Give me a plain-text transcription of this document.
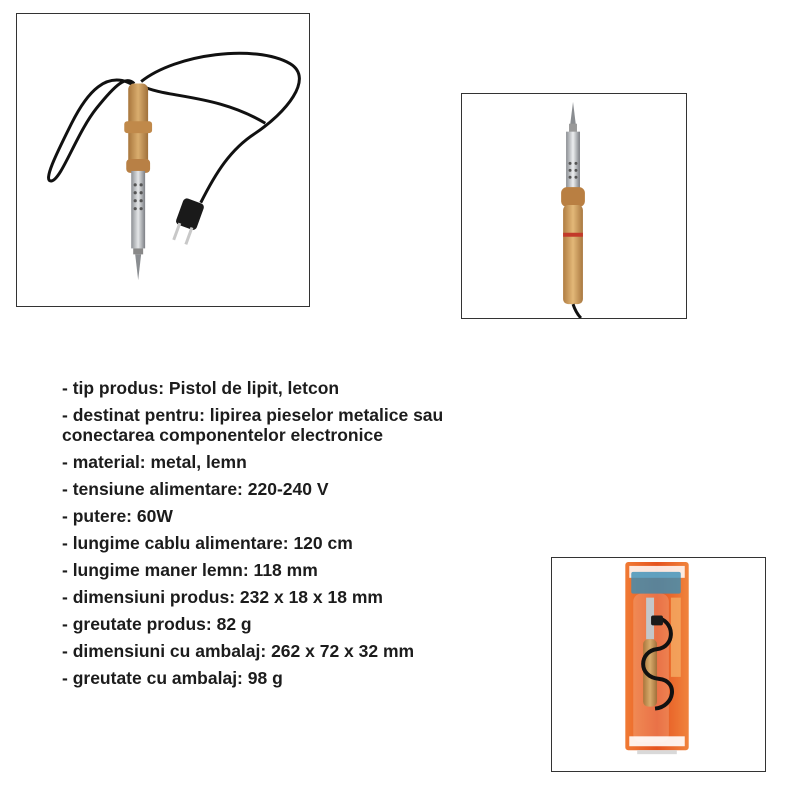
- tip produs: Pistol de lipit, letcon
- destinat pentru: lipirea pieselor metalice sau conectarea componentelor electronice
- material: metal, lemn
- tensiune alimentare: 220-240 V
- putere: 60W
- lungime cablu alimentare: 120 cm
- lungime maner lemn: 118 mm
- dimensiuni produs: 232 x 18 x 18 mm
- greutate produs: 82 g
- dimensiuni cu ambalaj: 262 x 72 x 32 mm
- greutate cu ambalaj: 98 g
